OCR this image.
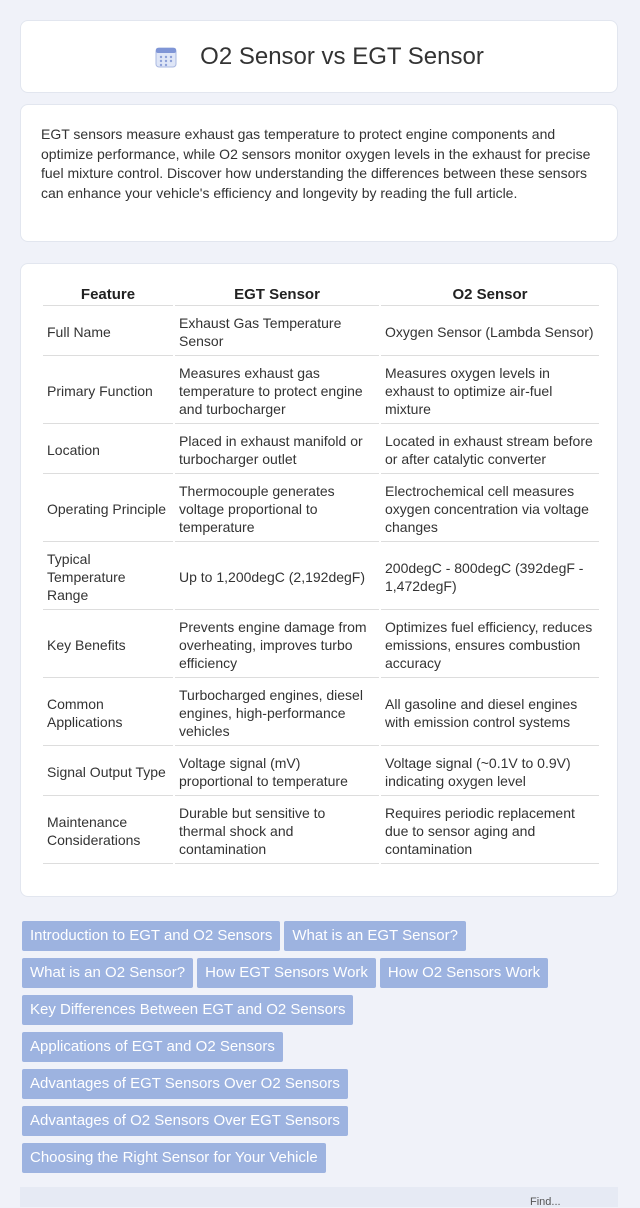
O2 Sensor vs EGT Sensor

EGT sensors measure exhaust gas temperature to protect engine components and optimize performance, while O2 sensors monitor oxygen levels in the exhaust for precise fuel mixture control. Discover how understanding the differences between these sensors can enhance your vehicle's efficiency and longevity by reading the full article.

Feature	EGT Sensor	O2 Sensor
Full Name	Exhaust Gas Temperature Sensor	Oxygen Sensor (Lambda Sensor)
Primary Function	Measures exhaust gas temperature to protect engine and turbocharger	Measures oxygen levels in exhaust to optimize air-fuel mixture
Location	Placed in exhaust manifold or turbocharger outlet	Located in exhaust stream before or after catalytic converter
Operating Principle	Thermocouple generates voltage proportional to temperature	Electrochemical cell measures oxygen concentration via voltage changes
Typical Temperature Range	Up to 1,200degC (2,192degF)	200degC - 800degC (392degF - 1,472degF)
Key Benefits	Prevents engine damage from overheating, improves turbo efficiency	Optimizes fuel efficiency, reduces emissions, ensures combustion accuracy
Common Applications	Turbocharged engines, diesel engines, high-performance vehicles	All gasoline and diesel engines with emission control systems
Signal Output Type	Voltage signal (mV) proportional to temperature	Voltage signal (~0.1V to 0.9V) indicating oxygen level
Maintenance Considerations	Durable but sensitive to thermal shock and contamination	Requires periodic replacement due to sensor aging and contamination
Introduction to EGT and O2 Sensors What is an EGT Sensor?
What is an O2 Sensor? How EGT Sensors Work How O2 Sensors Work
Key Differences Between EGT and O2 Sensors
Applications of EGT and O2 Sensors
Advantages of EGT Sensors Over O2 Sensors
Advantages of O2 Sensors Over EGT Sensors
Choosing the Right Sensor for Your Vehicle
Find...
